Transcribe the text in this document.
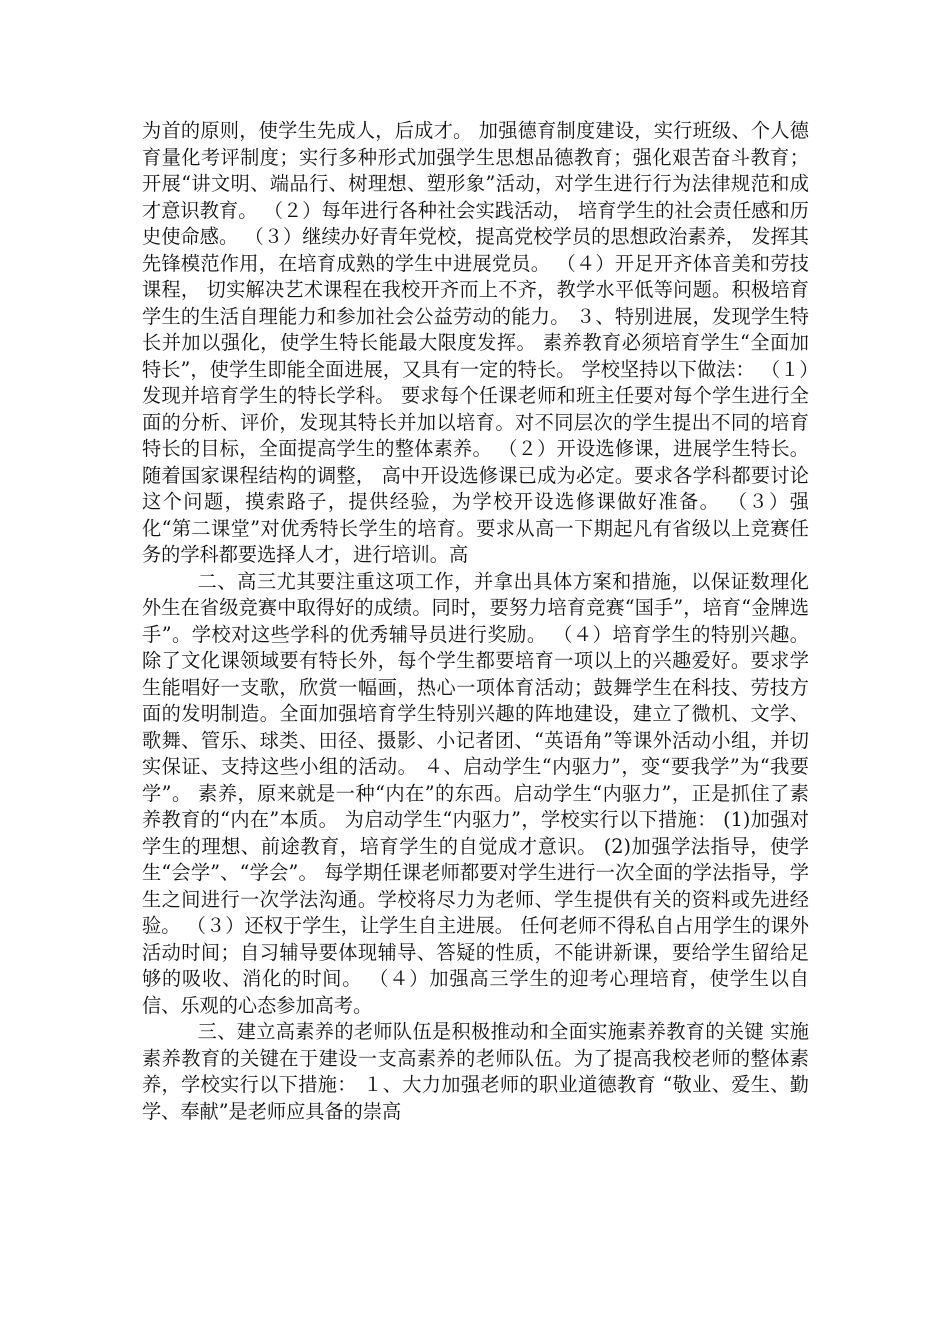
为首的原则，使学生先成人，后成才。 加强德育制度建设，实行班级、个人德育量化考评制度；实行多种形式加强学生思想品德教育；强化艰苦奋斗教育；开展“讲文明、端品行、树理想、塑形象”活动，对学生进行行为法律规范和成才意识教育。 （２）每年进行各种社会实践活动， 培育学生的社会责任感和历史使命感。 （３）继续办好青年党校，提高党校学员的思想政治素养， 发挥其先锋模范作用，在培育成熟的学生中进展党员。 （４）开足开齐体音美和劳技课程， 切实解决艺术课程在我校开齐而上不齐，教学水平低等问题。积极培育学生的生活自理能力和参加社会公益劳动的能力。 ３、特别进展，发现学生特长并加以强化，使学生特长能最大限度发挥。 素养教育必须培育学生“全面加特长”，使学生即能全面进展，又具有一定的特长。 学校坚持以下做法： （１）发现并培育学生的特长学科。 要求每个任课老师和班主任要对每个学生进行全面的分析、评价，发现其特长并加以培育。对不同层次的学生提出不同的培育特长的目标，全面提高学生的整体素养。 （２）开设选修课，进展学生特长。随着国家课程结构的调整， 高中开设选修课已成为必定。要求各学科都要讨论这个问题，摸索路子，提供经验，为学校开设选修课做好准备。 （３）强化“第二课堂”对优秀特长学生的培育。要求从高一下期起凡有省级以上竞赛任务的学科都要选择人才，进行培训。高

二、高三尤其要注重这项工作，并拿出具体方案和措施，以保证数理化外生在省级竞赛中取得好的成绩。同时，要努力培育竞赛“国手”，培育“金牌选手”。学校对这些学科的优秀辅导员进行奖励。 （４）培育学生的特别兴趣。除了文化课领域要有特长外，每个学生都要培育一项以上的兴趣爱好。要求学生能唱好一支歌，欣赏一幅画，热心一项体育活动；鼓舞学生在科技、劳技方面的发明制造。全面加强培育学生特别兴趣的阵地建设，建立了微机、文学、歌舞、管乐、球类、田径、摄影、小记者团、“英语角”等课外活动小组，并切实保证、支持这些小组的活动。 ４、启动学生“内驱力”，变“要我学”为“我要学”。 素养，原来就是一种“内在”的东西。启动学生“内驱力”，正是抓住了素养教育的“内在”本质。 为启动学生“内驱力”，学校实行以下措施： (1)加强对学生的理想、前途教育，培育学生的自觉成才意识。 (2)加强学法指导，使学生“会学”、“学会”。 每学期任课老师都要对学生进行一次全面的学法指导，学生之间进行一次学法沟通。学校将尽力为老师、学生提供有关的资料或先进经验。 （３）还权于学生，让学生自主进展。 任何老师不得私自占用学生的课外活动时间；自习辅导要体现辅导、答疑的性质，不能讲新课，要给学生留给足够的吸收、消化的时间。 （４）加强高三学生的迎考心理培育，使学生以自信、乐观的心态参加高考。

三、建立高素养的老师队伍是积极推动和全面实施素养教育的关键 实施素养教育的关键在于建设一支高素养的老师队伍。为了提高我校老师的整体素养，学校实行以下措施： １、大力加强老师的职业道德教育 “敬业、爱生、勤学、奉献”是老师应具备的崇高
